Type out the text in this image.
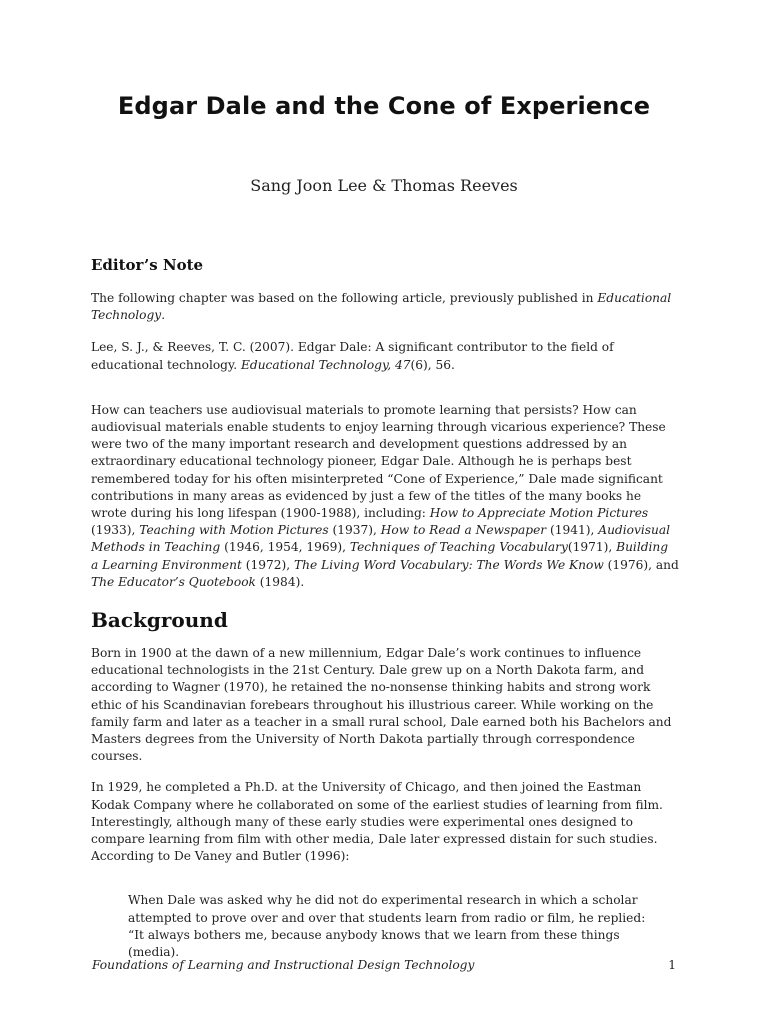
Edgar Dale and the Cone of Experience
Sang Joon Lee & Thomas Reeves
Editor’s Note

The following chapter was based on the following article, previously published in Educational Technology.

Lee, S. J., & Reeves, T. C. (2007). Edgar Dale: A significant contributor to the field of educational technology. Educational Technology, 47(6), 56.

How can teachers use audiovisual materials to promote learning that persists? How can audiovisual materials enable students to enjoy learning through vicarious experience? These were two of the many important research and development questions addressed by an extraordinary educational technology pioneer, Edgar Dale. Although he is perhaps best remembered today for his often misinterpreted “Cone of Experience,” Dale made significant contributions in many areas as evidenced by just a few of the titles of the many books he wrote during his long lifespan (1900-1988), including: How to Appreciate Motion Pictures (1933), Teaching with Motion Pictures (1937), How to Read a Newspaper (1941), Audiovisual Methods in Teaching (1946, 1954, 1969), Techniques of Teaching Vocabulary(1971), Building a Learning Environment (1972), The Living Word Vocabulary: The Words We Know (1976), and The Educator’s Quotebook (1984).

Background

Born in 1900 at the dawn of a new millennium, Edgar Dale’s work continues to influence educational technologists in the 21st Century. Dale grew up on a North Dakota farm, and according to Wagner (1970), he retained the no-nonsense thinking habits and strong work ethic of his Scandinavian forebears throughout his illustrious career. While working on the family farm and later as a teacher in a small rural school, Dale earned both his Bachelors and Masters degrees from the University of North Dakota partially through correspondence courses.

In 1929, he completed a Ph.D. at the University of Chicago, and then joined the Eastman Kodak Company where he collaborated on some of the earliest studies of learning from film. Interestingly, although many of these early studies were experimental ones designed to compare learning from film with other media, Dale later expressed distain for such studies. According to De Vaney and Butler (1996):

When Dale was asked why he did not do experimental research in which a scholar attempted to prove over and over that students learn from radio or film, he replied: “It always bothers me, because anybody knows that we learn from these things (media).

Foundations of Learning and Instructional Design Technology	1
